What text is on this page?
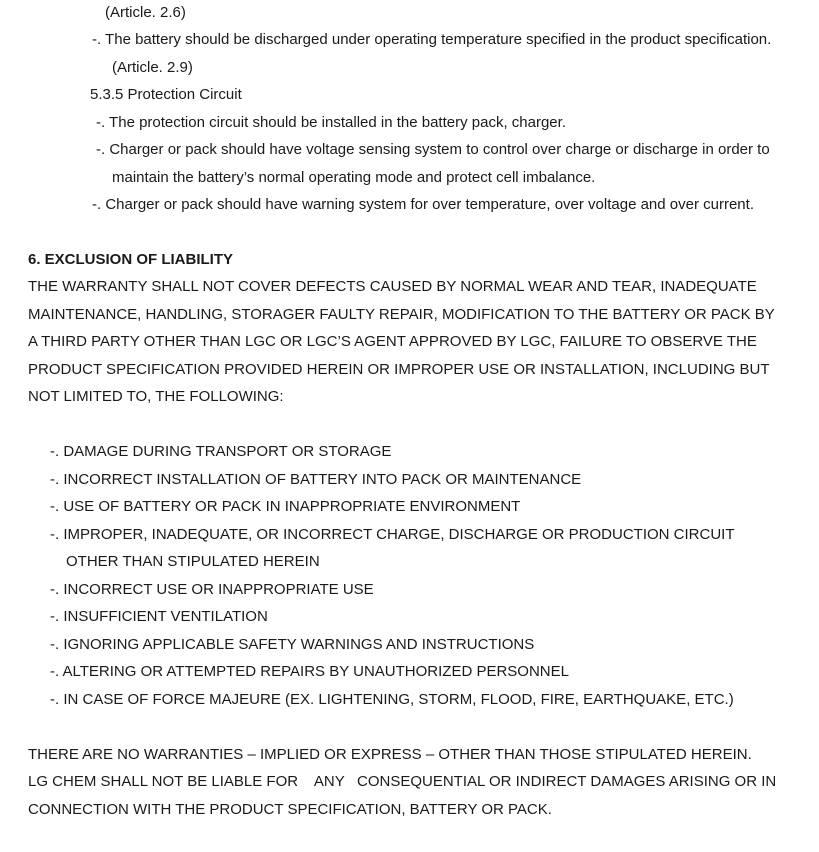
(Article. 2.6)
-. The battery should be discharged under operating temperature specified in the product specification.
(Article. 2.9)
5.3.5 Protection Circuit
-. The protection circuit should be installed in the battery pack, charger.
-. Charger or pack should have voltage sensing system to control over charge or discharge in order to
maintain the battery’s normal operating mode and protect cell imbalance.
-. Charger or pack should have warning system for over temperature, over voltage and over current.
6. EXCLUSION OF LIABILITY
THE WARRANTY SHALL NOT COVER DEFECTS CAUSED BY NORMAL WEAR AND TEAR, INADEQUATE
MAINTENANCE, HANDLING, STORAGER FAULTY REPAIR, MODIFICATION TO THE BATTERY OR PACK BY
A THIRD PARTY OTHER THAN LGC OR LGC’S AGENT APPROVED BY LGC, FAILURE TO OBSERVE THE
PRODUCT SPECIFICATION PROVIDED HEREIN OR IMPROPER USE OR INSTALLATION, INCLUDING BUT
NOT LIMITED TO, THE FOLLOWING:
-. DAMAGE DURING TRANSPORT OR STORAGE
-. INCORRECT INSTALLATION OF BATTERY INTO PACK OR MAINTENANCE
-. USE OF BATTERY OR PACK IN INAPPROPRIATE ENVIRONMENT
-. IMPROPER, INADEQUATE, OR INCORRECT CHARGE, DISCHARGE OR PRODUCTION CIRCUIT
OTHER THAN STIPULATED HEREIN
-. INCORRECT USE OR INAPPROPRIATE USE
-. INSUFFICIENT VENTILATION
-. IGNORING APPLICABLE SAFETY WARNINGS AND INSTRUCTIONS
-. ALTERING OR ATTEMPTED REPAIRS BY UNAUTHORIZED PERSONNEL
-. IN CASE OF FORCE MAJEURE (EX. LIGHTENING, STORM, FLOOD, FIRE, EARTHQUAKE, ETC.)
THERE ARE NO WARRANTIES – IMPLIED OR EXPRESS – OTHER THAN THOSE STIPULATED HEREIN.
LG CHEM SHALL NOT BE LIABLE FOR    ANY   CONSEQUENTIAL OR INDIRECT DAMAGES ARISING OR IN
CONNECTION WITH THE PRODUCT SPECIFICATION, BATTERY OR PACK.
